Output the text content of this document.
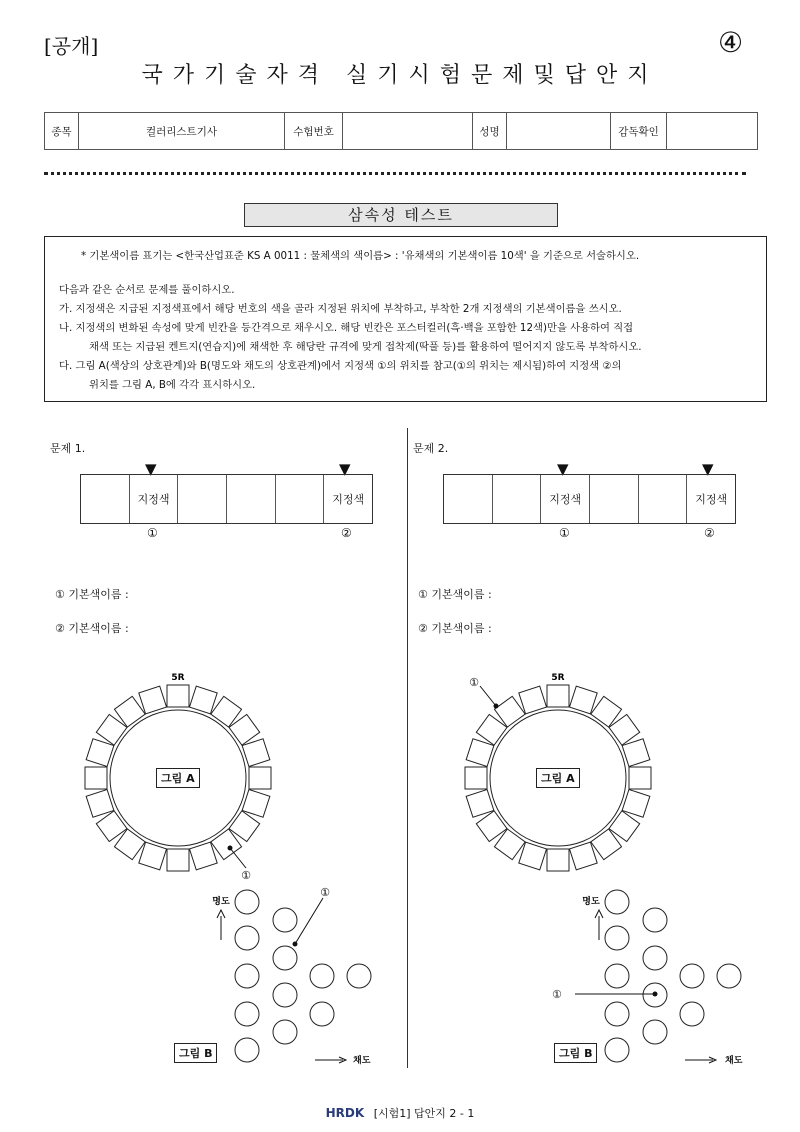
[공개]	④
국가기술자격 실기시험문제및답안지
종목	컬러리스트기사	수험번호		성명		감독확인	
삼속성 테스트
* 기본색이름 표기는 <한국산업표준 KS A 0011 : 물체색의 색이름> : '유채색의 기본색이름 10색' 을 기준으로 서술하시오.
다음과 같은 순서로 문제를 풀이하시오.
가. 지정색은 지급된 지정색표에서 해당 번호의 색을 골라 지정된 위치에 부착하고, 부착한 2개 지정색의 기본색이름을 쓰시오.
나. 지정색의 변화된 속성에 맞게 빈칸을 등간격으로 채우시오. 해당 빈칸은 포스터컬러(흑·백을 포함한 12색)만을 사용하여 직접
채색 또는 지급된 켄트지(연습지)에 채색한 후 해당란 규격에 맞게 접착제(딱풀 등)를 활용하여 떨어지지 않도록 부착하시오.
다. 그림 A(색상의 상호관계)와 B(명도와 채도의 상호관계)에서 지정색 ①의 위치를 참고(①의 위치는 제시됨)하여 지정색 ②의
위치를 그림 A, B에 각각 표시하시오.
문제 1.
▼	▼
지정색	지정색
①	②
① 기본색이름 :
② 기본색이름 :
5R
①
그림 A
①
명도
채도
그림 B
문제 2.
▼	▼
지정색	지정색
①	②
① 기본색이름 :
② 기본색이름 :
5R
①
그림 A
명도
채도
①
그림 B
HRDK [시험1] 답안지 2 - 1
